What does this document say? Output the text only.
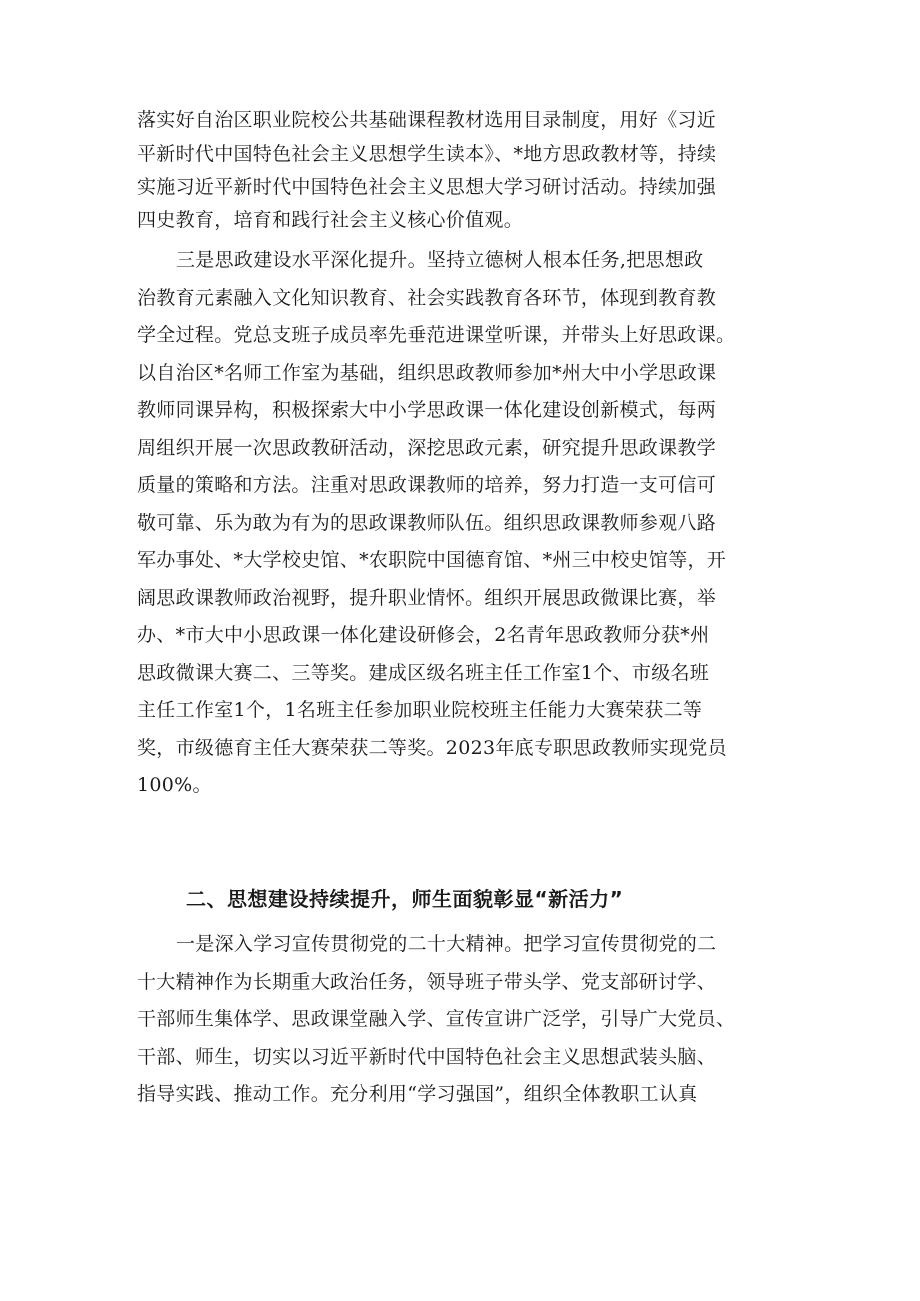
落实好自治区职业院校公共基础课程教材选用目录制度，用好《习近
平新时代中国特色社会主义思想学生读本》、*地方思政教材等，持续
实施习近平新时代中国特色社会主义思想大学习研讨活动。持续加强
四史教育，培育和践行社会主义核心价值观。
三是思政建设水平深化提升。坚持立德树人根本任务,把思想政
治教育元素融入文化知识教育、社会实践教育各环节，体现到教育教
学全过程。党总支班子成员率先垂范进课堂听课，并带头上好思政课。
以自治区*名师工作室为基础，组织思政教师参加*州大中小学思政课
教师同课异构，积极探索大中小学思政课一体化建设创新模式，每两
周组织开展一次思政教研活动，深挖思政元素，研究提升思政课教学
质量的策略和方法。注重对思政课教师的培养，努力打造一支可信可
敬可靠、乐为敢为有为的思政课教师队伍。组织思政课教师参观八路
军办事处、*大学校史馆、*农职院中国德育馆、*州三中校史馆等，开
阔思政课教师政治视野，提升职业情怀。组织开展思政微课比赛，举
办、*市大中小思政课一体化建设研修会，2名青年思政教师分获*州
思政微课大赛二、三等奖。建成区级名班主任工作室1个、市级名班
主任工作室1个，1名班主任参加职业院校班主任能力大赛荣获二等
奖，市级德育主任大赛荣获二等奖。2023年底专职思政教师实现党员
100%。
二、思想建设持续提升，师生面貌彰显“新活力”
一是深入学习宣传贯彻党的二十大精神。把学习宣传贯彻党的二
十大精神作为长期重大政治任务，领导班子带头学、党支部研讨学、
干部师生集体学、思政课堂融入学、宣传宣讲广泛学，引导广大党员、
干部、师生，切实以习近平新时代中国特色社会主义思想武装头脑、
指导实践、推动工作。充分利用“学习强国”，组织全体教职工认真
